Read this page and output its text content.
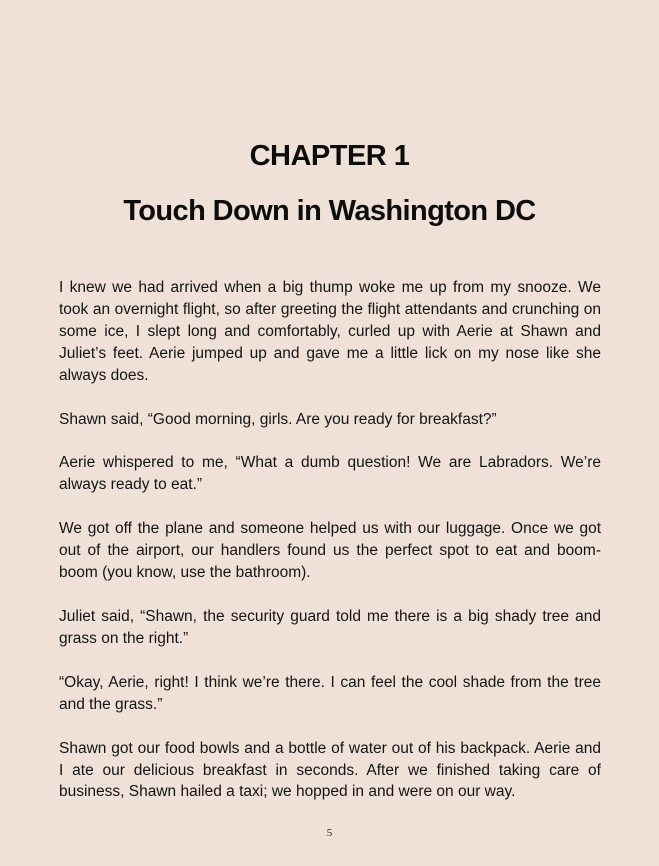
CHAPTER 1
Touch Down in Washington DC

I knew we had arrived when a big thump woke me up from my snooze. We took an overnight flight, so after greeting the flight attendants and crunching on some ice, I slept long and comfortably, curled up with Aerie at Shawn and Juliet’s feet. Aerie jumped up and gave me a little lick on my nose like she always does.

Shawn said, “Good morning, girls. Are you ready for breakfast?”

Aerie whispered to me, “What a dumb question! We are Labradors. We’re always ready to eat.”

We got off the plane and someone helped us with our luggage. Once we got out of the airport, our handlers found us the perfect spot to eat and boom-boom (you know, use the bathroom).

Juliet said, “Shawn, the security guard told me there is a big shady tree and grass on the right.”

“Okay, Aerie, right! I think we’re there. I can feel the cool shade from the tree and the grass.”

Shawn got our food bowls and a bottle of water out of his backpack. Aerie and I ate our delicious breakfast in seconds. After we finished taking care of business, Shawn hailed a taxi; we hopped in and were on our way.

5
